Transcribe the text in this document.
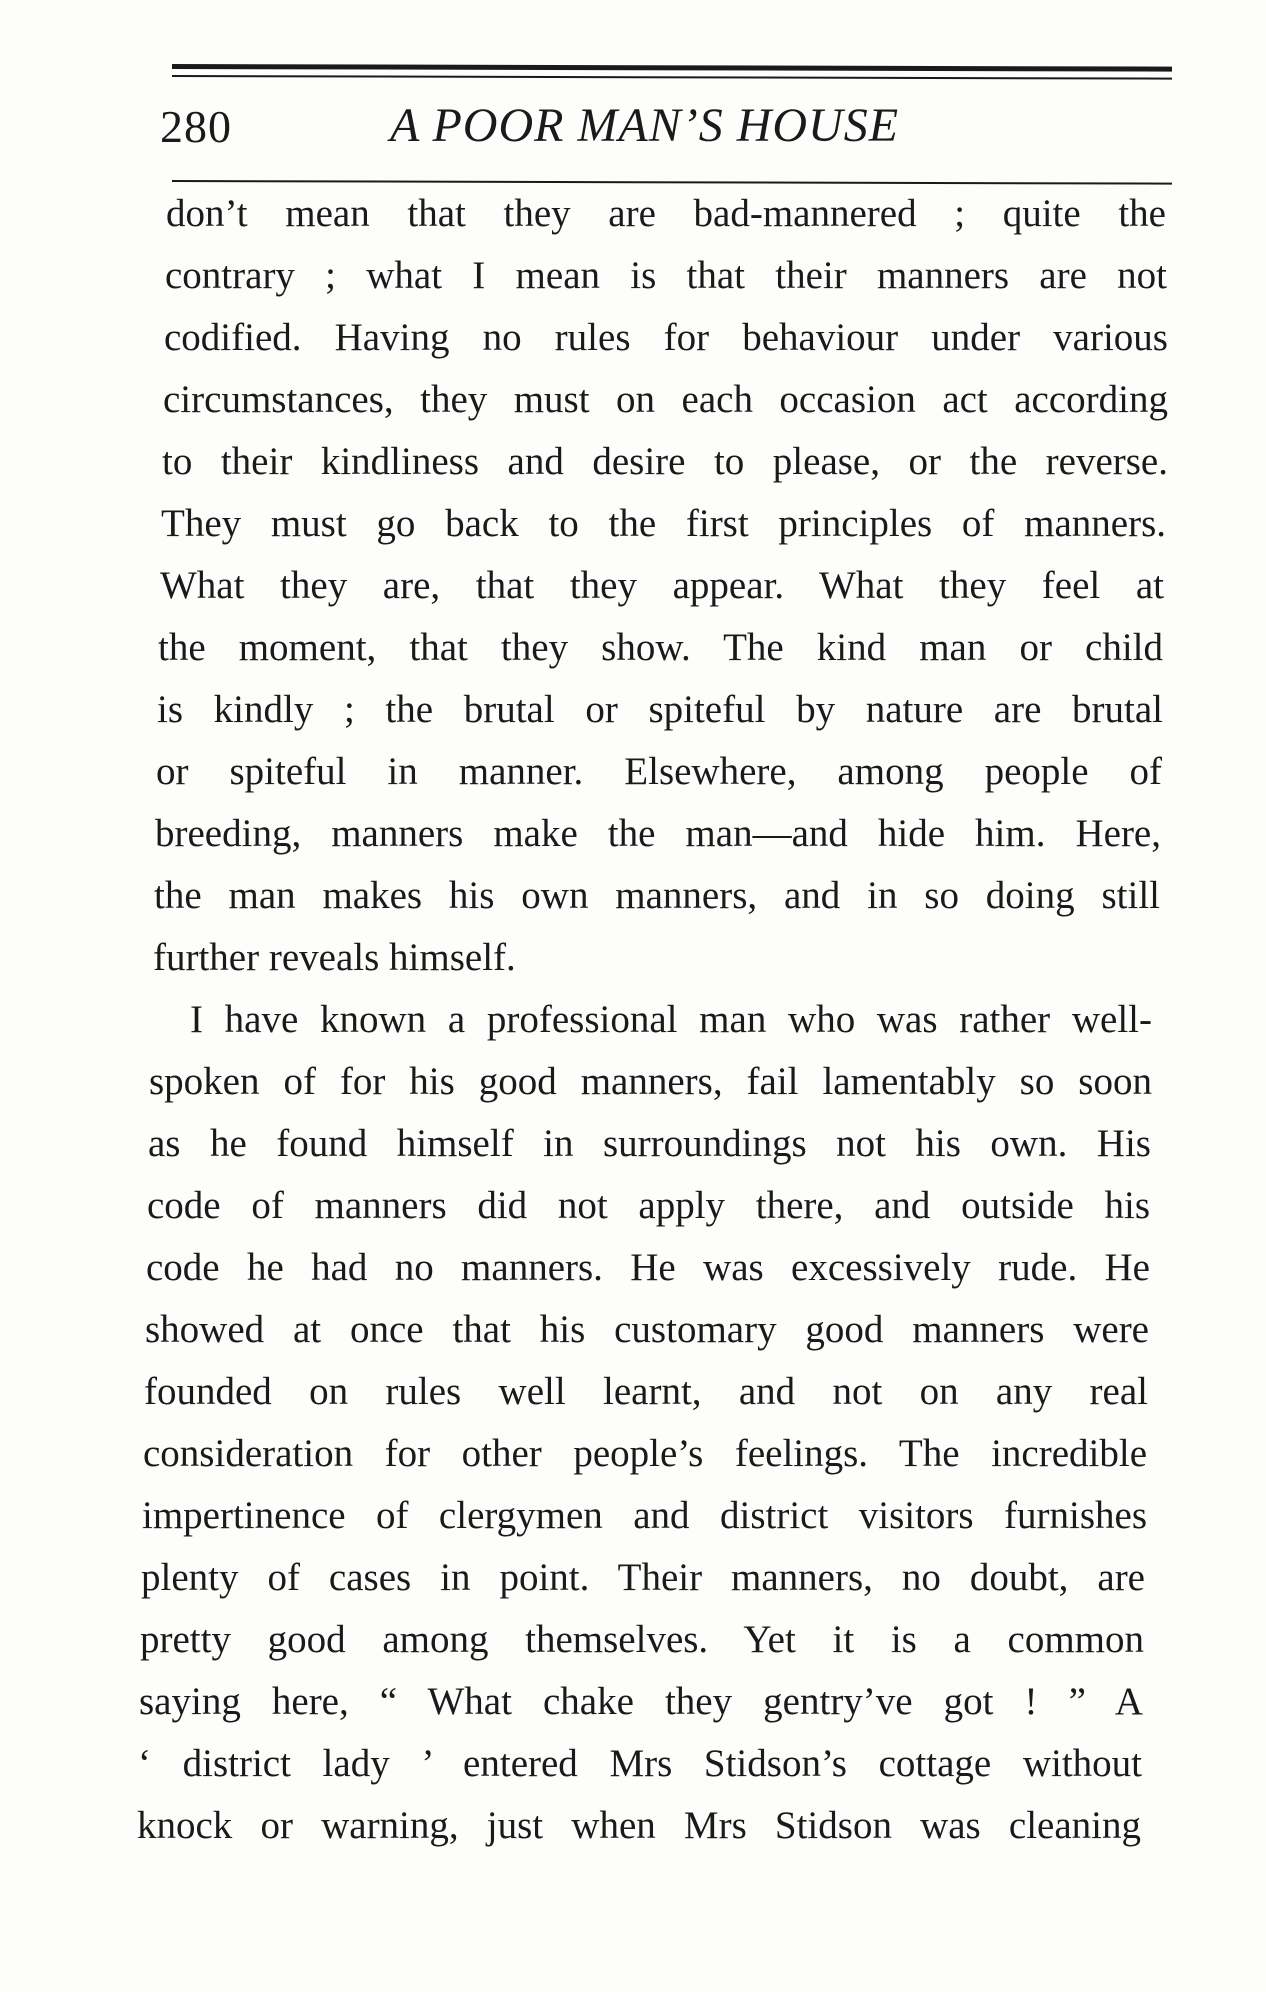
280	A POOR MAN’S HOUSE
don’t mean that they are bad-mannered ; quite the
contrary ; what I mean is that their manners are not
codified. Having no rules for behaviour under various
circumstances, they must on each occasion act according
to their kindliness and desire to please, or the reverse.
They must go back to the first principles of manners.
What they are, that they appear. What they feel at
the moment, that they show. The kind man or child
is kindly ; the brutal or spiteful by nature are brutal
or spiteful in manner. Elsewhere, among people of
breeding, manners make the man—and hide him. Here,
the man makes his own manners, and in so doing still
further reveals himself.
I have known a professional man who was rather well-
spoken of for his good manners, fail lamentably so soon
as he found himself in surroundings not his own. His
code of manners did not apply there, and outside his
code he had no manners. He was excessively rude. He
showed at once that his customary good manners were
founded on rules well learnt, and not on any real
consideration for other people’s feelings. The incredible
impertinence of clergymen and district visitors furnishes
plenty of cases in point. Their manners, no doubt, are
pretty good among themselves. Yet it is a common
saying here, “ What chake they gentry’ve got ! ” A
‘ district lady ’ entered Mrs Stidson’s cottage without
knock or warning, just when Mrs Stidson was cleaning
